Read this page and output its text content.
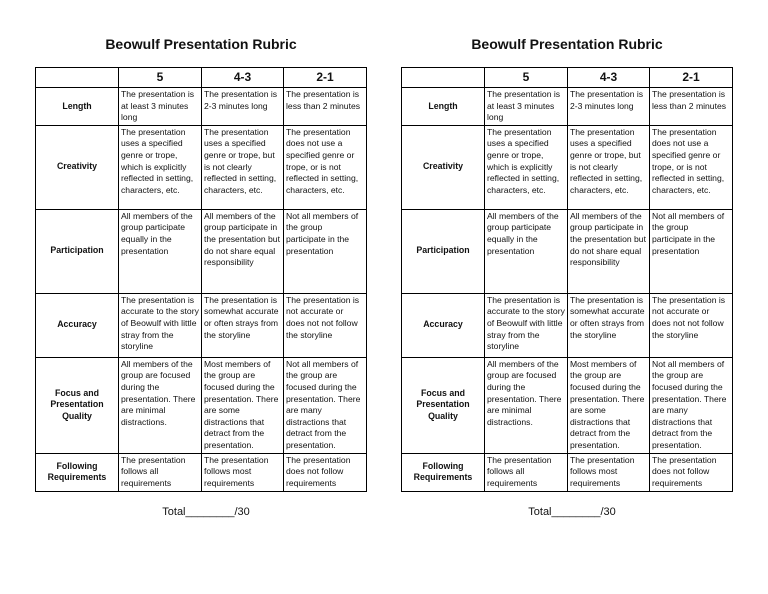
Beowulf Presentation Rubric
	5	4-3	2-1
Length	The presentation is at least 3 minutes long	The presentation is 2-3 minutes long	The presentation is less than 2 minutes
Creativity	The presentation uses a specified genre or trope, which is explicitly reflected in setting, characters, etc.	The presentation uses a specified genre or trope, but is not clearly reflected in setting, characters, etc.	The presentation does not use a specified genre or trope, or is not reflected in setting, characters, etc.
Participation	All members of the group participate equally in the presentation	All members of the group participate in the presentation but do not share equal responsibility	Not all members of the group participate in the presentation
Accuracy	The presentation is accurate to the story of Beowulf with little stray from the storyline	The presentation is somewhat accurate or often strays from the storyline	The presentation is not accurate or does not not follow the storyline
Focus and Presentation Quality	All members of the group are focused during the presentation. There are minimal distractions.	Most members of the group are focused during the presentation. There are some distractions that detract from the presentation.	Not all members of the group are focused during the presentation. There are many distractions that detract from the presentation.
Following Requirements	The presentation follows all requirements	The presentation follows most requirements	The presentation does not follow requirements
Total________/30
Beowulf Presentation Rubric
	5	4-3	2-1
Length	The presentation is at least 3 minutes long	The presentation is 2-3 minutes long	The presentation is less than 2 minutes
Creativity	The presentation uses a specified genre or trope, which is explicitly reflected in setting, characters, etc.	The presentation uses a specified genre or trope, but is not clearly reflected in setting, characters, etc.	The presentation does not use a specified genre or trope, or is not reflected in setting, characters, etc.
Participation	All members of the group participate equally in the presentation	All members of the group participate in the presentation but do not share equal responsibility	Not all members of the group participate in the presentation
Accuracy	The presentation is accurate to the story of Beowulf with little stray from the storyline	The presentation is somewhat accurate or often strays from the storyline	The presentation is not accurate or does not not follow the storyline
Focus and Presentation Quality	All members of the group are focused during the presentation. There are minimal distractions.	Most members of the group are focused during the presentation. There are some distractions that detract from the presentation.	Not all members of the group are focused during the presentation. There are many distractions that detract from the presentation.
Following Requirements	The presentation follows all requirements	The presentation follows most requirements	The presentation does not follow requirements
Total________/30
